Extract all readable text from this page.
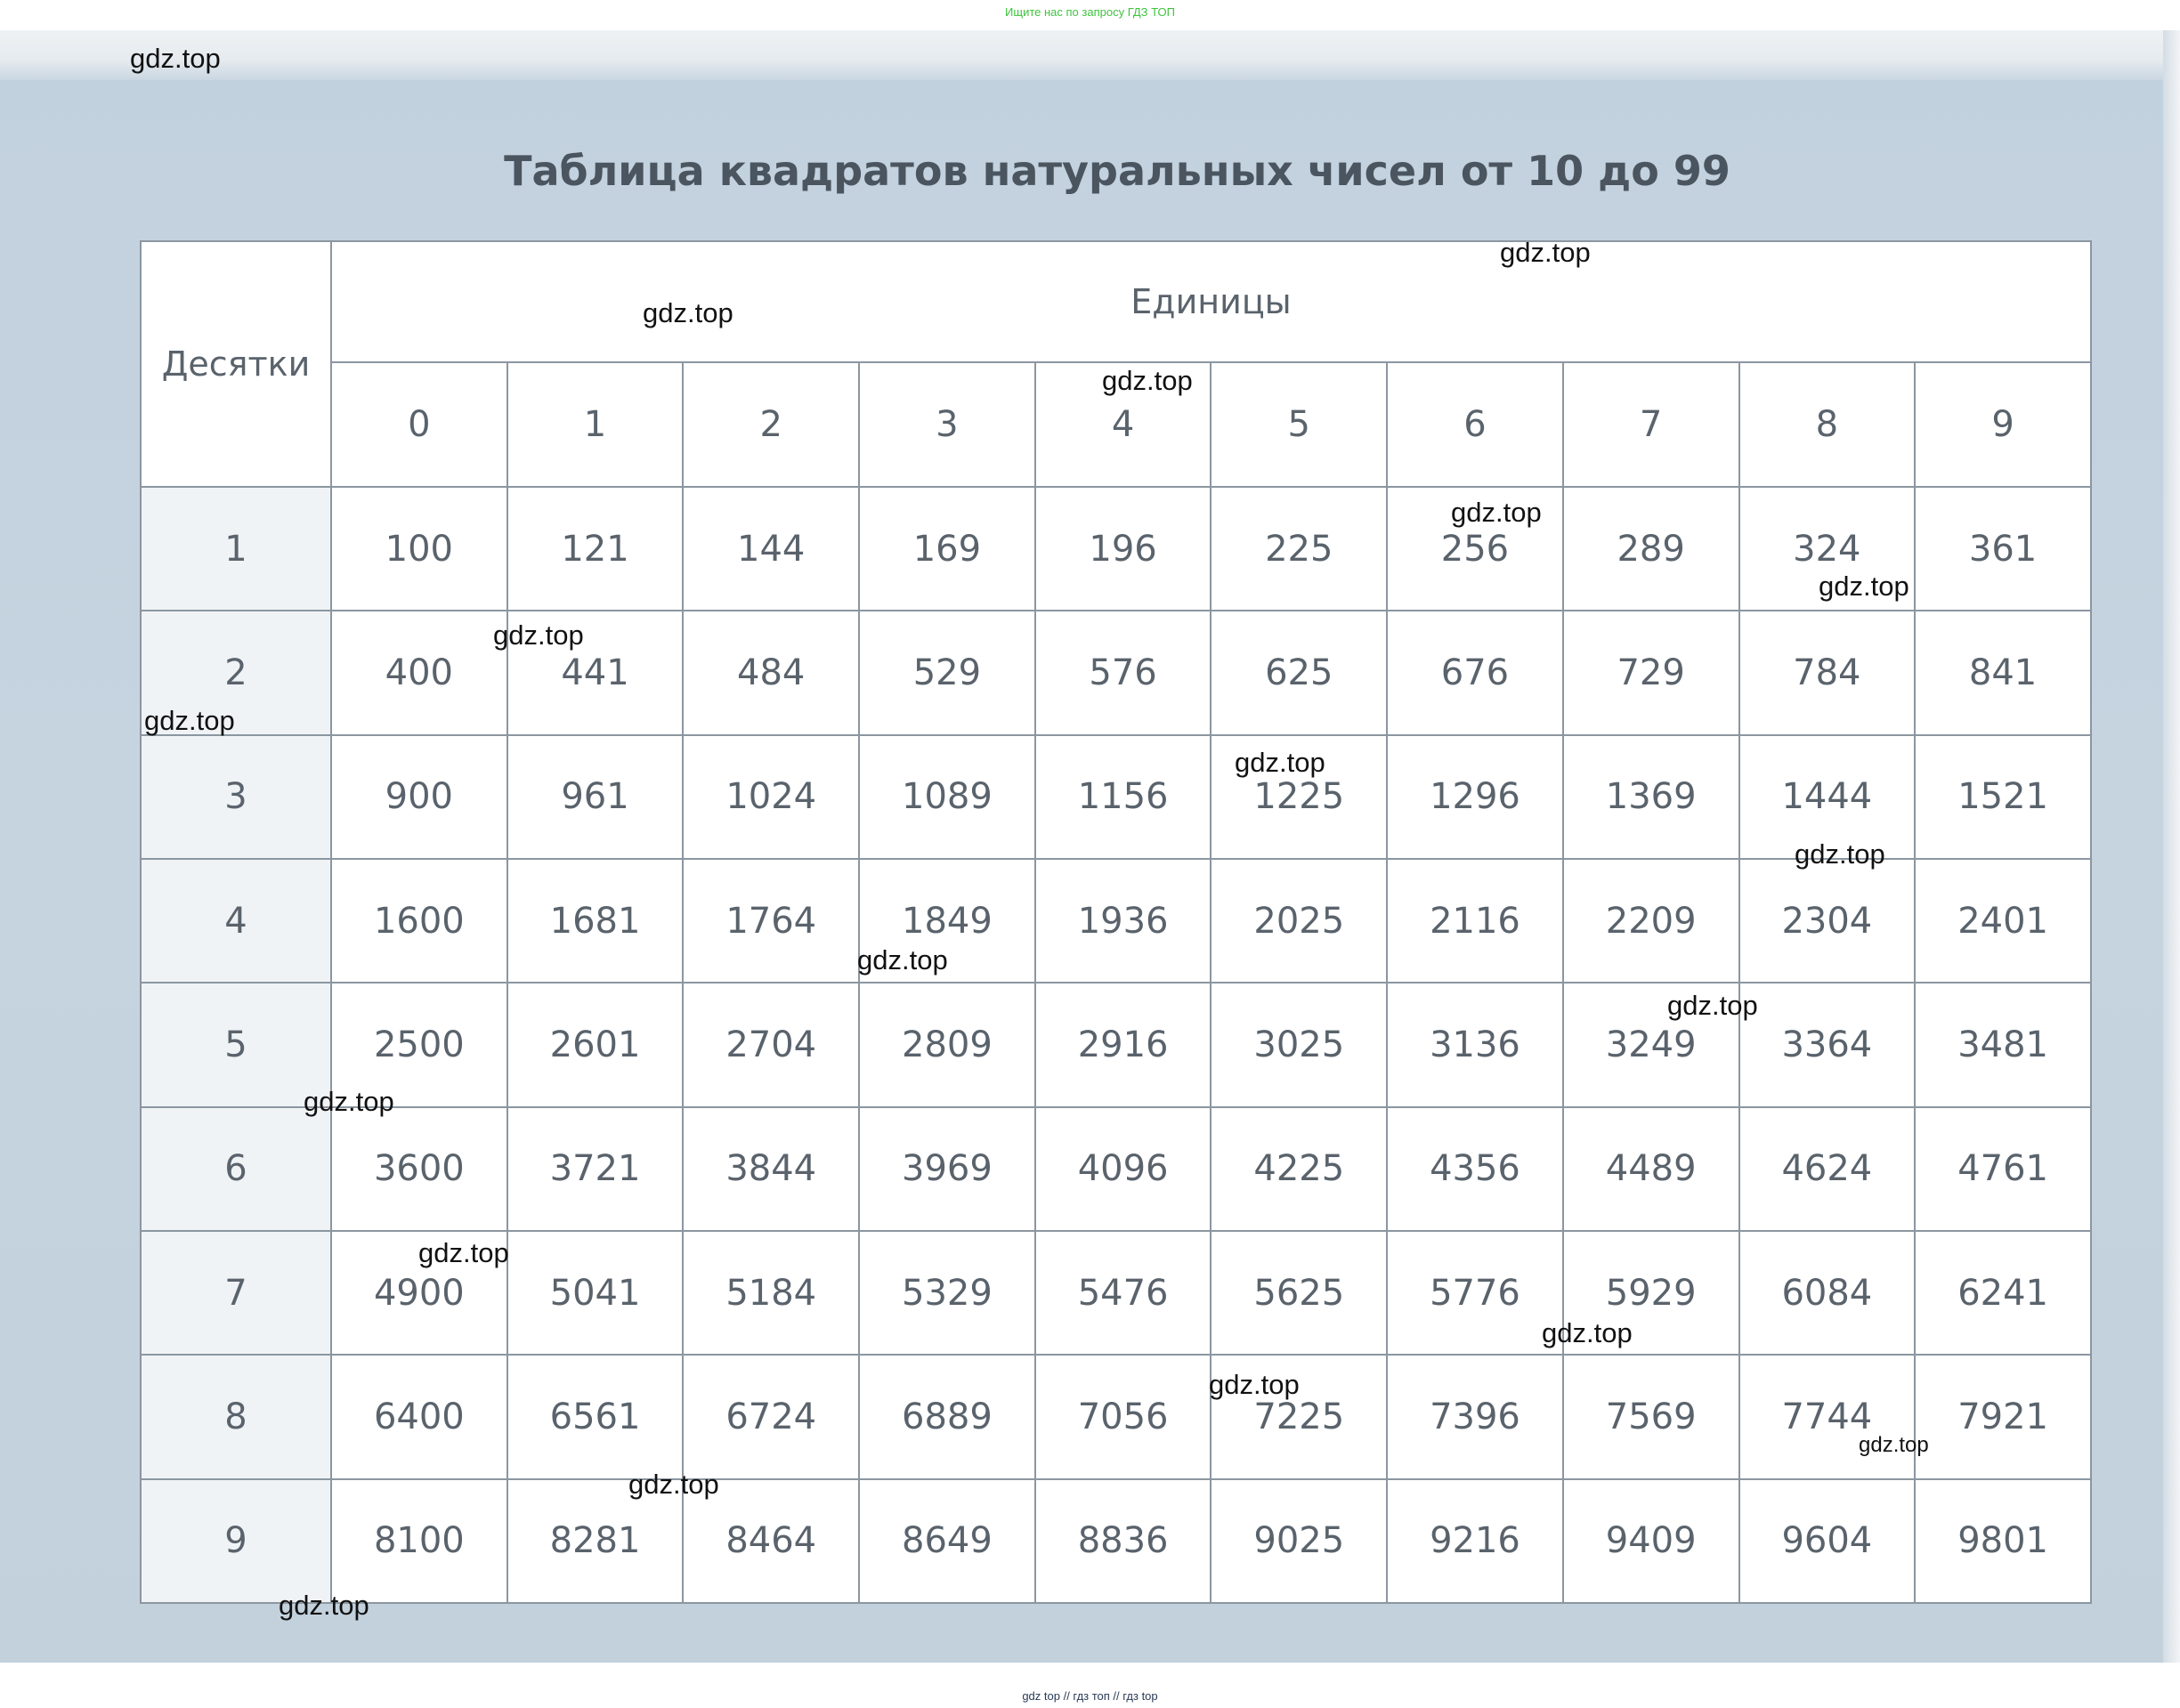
Ищите нас по запросу ГДЗ ТОП
Таблица квадратов натуральных чисел от 10 до 99
Десятки	Единицы									
	0	1	2	3	4	5	6	7	8	9
1	100	121	144	169	196	225	256	289	324	361
2	400	441	484	529	576	625	676	729	784	841
3	900	961	1024	1089	1156	1225	1296	1369	1444	1521
4	1600	1681	1764	1849	1936	2025	2116	2209	2304	2401
5	2500	2601	2704	2809	2916	3025	3136	3249	3364	3481
6	3600	3721	3844	3969	4096	4225	4356	4489	4624	4761
7	4900	5041	5184	5329	5476	5625	5776	5929	6084	6241
8	6400	6561	6724	6889	7056	7225	7396	7569	7744	7921
9	8100	8281	8464	8649	8836	9025	9216	9409	9604	9801
gdz.top
gdz.top
gdz.top
gdz.top
gdz.top
gdz.top
gdz.top
gdz.top
gdz.top
gdz.top
gdz.top
gdz.top
gdz.top
gdz.top
gdz.top
gdz.top
gdz.top
gdz.top
gdz.top
gdz top // гдз топ // гдз top
